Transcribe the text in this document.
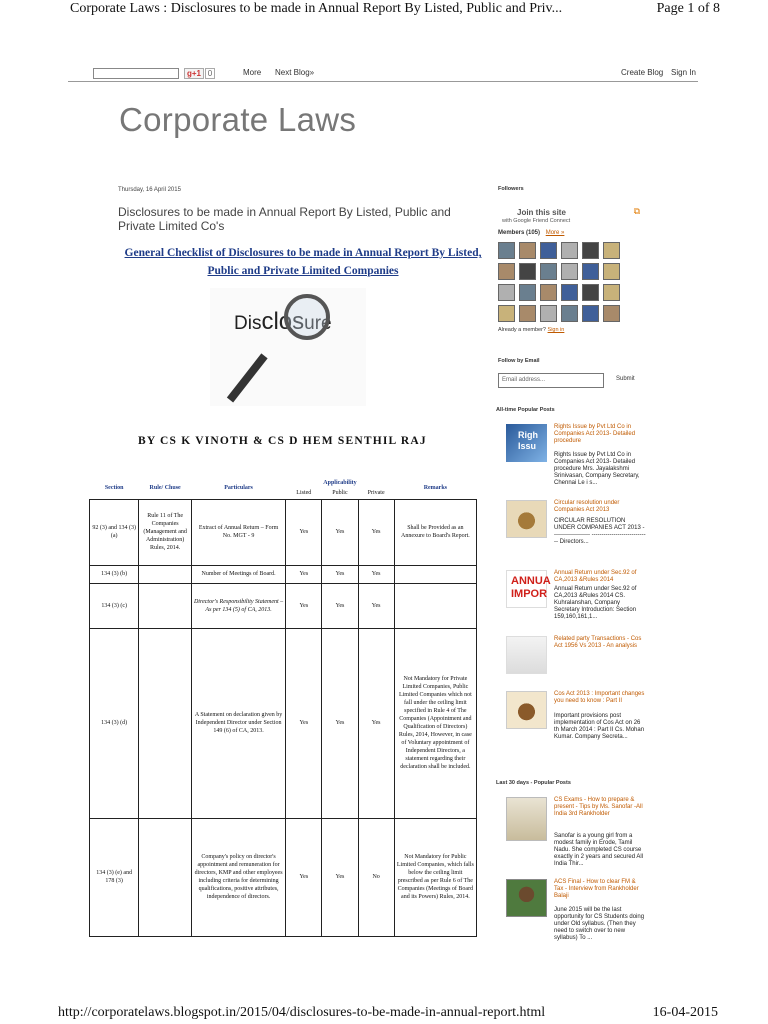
Corporate Laws : Disclosures to be made in Annual Report By Listed, Public and Priv...	Page 1 of 8
g+1 0	More Next Blog»	Create Blog Sign In
Corporate Laws
Thursday, 16 April 2015
Disclosures to be made in Annual Report By Listed, Public and Private Limited Co's
General Checklist of Disclosures to be made in Annual Report By Listed, Public and Private Limited Companies
Disclosure
BY CS K VINOTH & CS D HEM SENTHIL RAJ
Section	Rule/ Chuse	Particulars	Applicability			Remarks
			Listed	Public	Private	
92 (3) and 134 (3) (a)	Rule 11 of The Companies (Management and Administration) Rules, 2014.	Extract of Annual Return – Form No. MGT - 9	Yes	Yes	Yes	Shall be Provided as an Annexure to Board's Report.
134 (3) (b)		Number of Meetings of Board.	Yes	Yes	Yes	
134 (3) (c)		Director's Responsibility Statement – As per 134 (5) of CA, 2013.	Yes	Yes	Yes	
134 (3) (d)		A Statement on declaration given by Independent Director under Section 149 (6) of CA, 2013.	Yes	Yes	Yes	Not Mandatory for Private Limited Companies, Public Limited Companies which not fall under the ceiling limit specified in Rule 4 of The Companies (Appointment and Qualification of Directors) Rules, 2014, However, in case of Voluntary appointment of Independent Directors, a statement regarding their declaration shall be included.
134 (3) (e) and 178 (3)		Company's policy on director's appointment and remuneration for directors, KMP and other employees including criteria for determining qualifications, positive attributes, independence of directors.	Yes	Yes	No	Not Mandatory for Public Limited Companies, which falls below the ceiling limit prescribed as per Rule 6 of The Companies (Meetings of Board and its Powers) Rules, 2014.
Followers
Join this site
with Google Friend Connect
⧉
Members (105) More »
Already a member? Sign in
Follow by Email
Email address...	Submit
All-time Popular Posts
Righ Issu
Rights Issue by Pvt Ltd Co in Companies Act 2013- Detailed procedure
Rights Issue by Pvt Ltd Co in Companies Act 2013- Detailed procedure Mrs. Jayalakshmi Srinivasan, Company Secretary, Chennai Le i s...
Circular resolution under Companies Act 2013
CIRCULAR RESOLUTION UNDER COMPANIES ACT 2013 ------------------- ----------------------------- Directors...
ANNUA IMPOR
Annual Return under Sec.92 of CA,2013 &Rules 2014
Annual Return under Sec.92 of CA,2013 &Rules 2014 CS. Kuhralanshan, Company Secretary Introduction: Section 159,160,161,1...
Related party Transactions - Cos Act 1956 Vs 2013 - An analysis
Cos Act 2013 : Important changes you need to know : Part II
Important provisions post implementation of Cos Act on 26 th March 2014 : Part II Cs. Mohan Kumar. Company Secreta...
Last 30 days - Popular Posts
CS Exams - How to prepare & present - Tips by Ms. Sanofar -All India 3rd Rankholder
Sanofar is a young girl from a modest family in Erode, Tamil Nadu. She completed CS course exactly in 2 years and secured All India Thir...
ACS Final - How to clear FM & Tax - Interview from Rankholder Balaji
June 2015 will be the last opportunity for CS Students doing under Old syllabus. (Then they need to switch over to new syllabus) To ...
http://corporatelaws.blogspot.in/2015/04/disclosures-to-be-made-in-annual-report.html	16-04-2015
